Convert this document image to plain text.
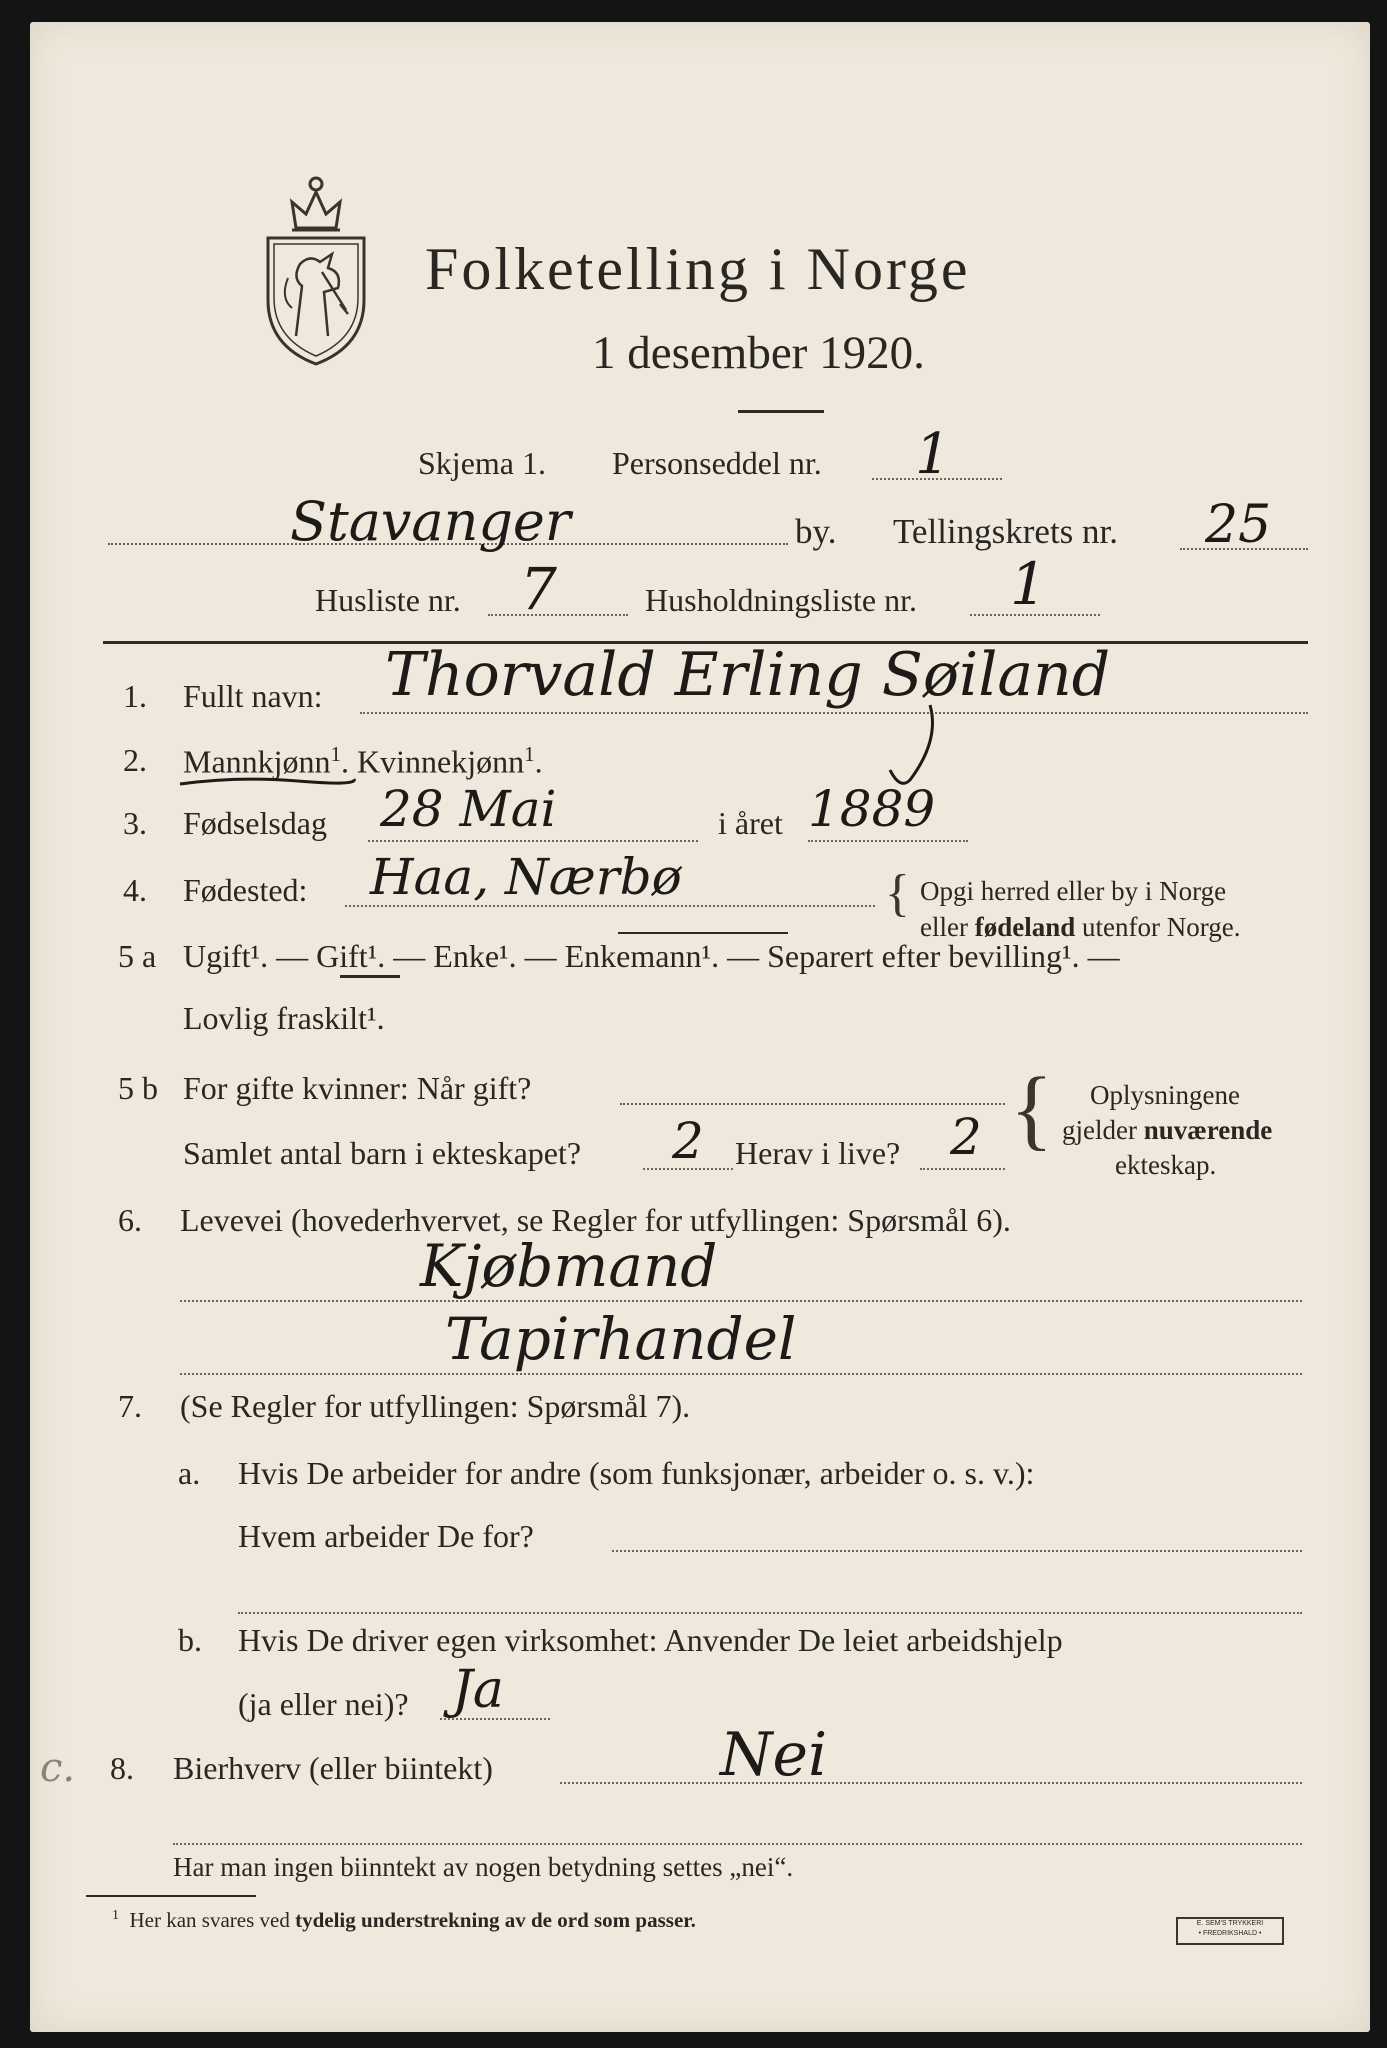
Folketelling i Norge
1 desember 1920.
Skjema 1. Personseddel nr. 1
Stavanger	by. Tellingskrets nr. 25
Husliste nr. 7	Husholdningsliste nr. 1
1. Fullt navn: Thorvald Erling Søiland
2. Mannkjønn$^1$. Kvinnekjønn$^1$.
3. Fødselsdag 28 Mai	i året 1889
4. Fødested: Haa, Nærbø	{ Opgi herred eller by i Norge
eller fødeland utenfor Norge.
5 a Ugift¹. — Gift¹. — Enke¹. — Enkemann¹. — Separert efter bevilling¹. —
Lovlig fraskilt¹.
5 b For gifte kvinner: Når gift?
Samlet antal barn i ekteskapet? 2 Herav i live? 2 { Oplysningene
gjelder nuværende
ekteskap.
6. Levevei (hovederhvervet, se Regler for utfyllingen: Spørsmål 6).
Kjøbmand
Tapirhandel
7. (Se Regler for utfyllingen: Spørsmål 7).
a. Hvis De arbeider for andre (som funksjonær, arbeider o. s. v.):
Hvem arbeider De for?
b. Hvis De driver egen virksomhet: Anvender De leiet arbeidshjelp
(ja eller nei)? Ja
c. 8. Bierhverv (eller biintekt)	Nei
Har man ingen biinntekt av nogen betydning settes „nei“.
$^1$ Her kan svares ved tydelig understrekning av de ord som passer.	E. SEM'S TRYKKERI
• FREDRIKSHALD •
